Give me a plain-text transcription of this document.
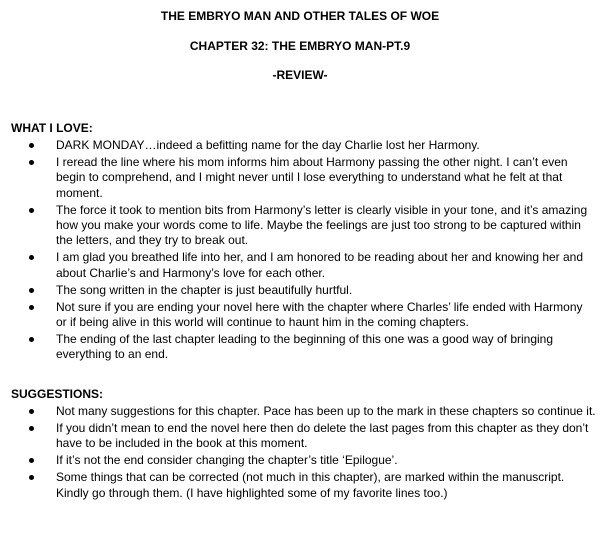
THE EMBRYO MAN AND OTHER TALES OF WOE
CHAPTER 32: THE EMBRYO MAN-PT.9
-REVIEW-
WHAT I LOVE:
DARK MONDAY…indeed a befitting name for the day Charlie lost her Harmony.
I reread the line where his mom informs him about Harmony passing the other night. I can’t even begin to comprehend, and I might never until I lose everything to understand what he felt at that moment.
The force it took to mention bits from Harmony’s letter is clearly visible in your tone, and it’s amazing how you make your words come to life. Maybe the feelings are just too strong to be captured within the letters, and they try to break out.
I am glad you breathed life into her, and I am honored to be reading about her and knowing her and about Charlie’s and Harmony’s love for each other.
The song written in the chapter is just beautifully hurtful.
Not sure if you are ending your novel here with the chapter where Charles’ life ended with Harmony or if being alive in this world will continue to haunt him in the coming chapters.
The ending of the last chapter leading to the beginning of this one was a good way of bringing everything to an end.
SUGGESTIONS:
Not many suggestions for this chapter. Pace has been up to the mark in these chapters so continue it.
If you didn’t mean to end the novel here then do delete the last pages from this chapter as they don’t have to be included in the book at this moment.
If it’s not the end consider changing the chapter’s title ‘Epilogue’.
Some things that can be corrected (not much in this chapter), are marked within the manuscript. Kindly go through them. (I have highlighted some of my favorite lines too.)
